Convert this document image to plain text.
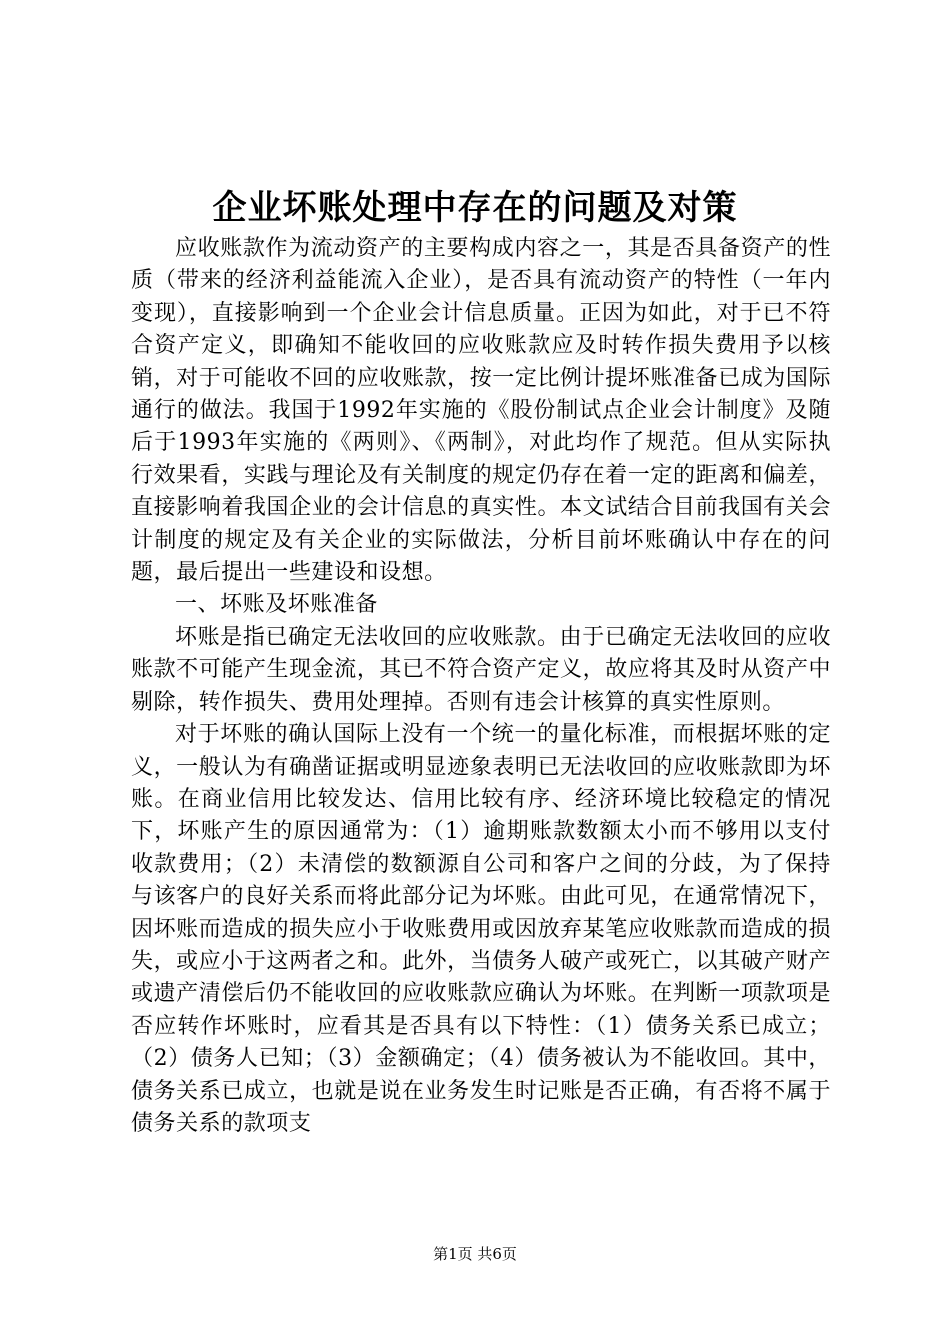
企业坏账处理中存在的问题及对策

应收账款作为流动资产的主要构成内容之一，其是否具备资产的性质（带来的经济利益能流入企业），是否具有流动资产的特性（一年内变现），直接影响到一个企业会计信息质量。正因为如此，对于已不符合资产定义，即确知不能收回的应收账款应及时转作损失费用予以核销，对于可能收不回的应收账款，按一定比例计提坏账准备已成为国际通行的做法。我国于1992年实施的《股份制试点企业会计制度》及随后于1993年实施的《两则》、《两制》，对此均作了规范。但从实际执行效果看，实践与理论及有关制度的规定仍存在着一定的距离和偏差，直接影响着我国企业的会计信息的真实性。本文试结合目前我国有关会计制度的规定及有关企业的实际做法，分析目前坏账确认中存在的问题，最后提出一些建设和设想。

一、坏账及坏账准备

坏账是指已确定无法收回的应收账款。由于已确定无法收回的应收账款不可能产生现金流，其已不符合资产定义，故应将其及时从资产中剔除，转作损失、费用处理掉。否则有违会计核算的真实性原则。

对于坏账的确认国际上没有一个统一的量化标准，而根据坏账的定义，一般认为有确凿证据或明显迹象表明已无法收回的应收账款即为坏账。在商业信用比较发达、信用比较有序、经济环境比较稳定的情况下，坏账产生的原因通常为：（1）逾期账款数额太小而不够用以支付收款费用；（2）未清偿的数额源自公司和客户之间的分歧，为了保持与该客户的良好关系而将此部分记为坏账。由此可见，在通常情况下，因坏账而造成的损失应小于收账费用或因放弃某笔应收账款而造成的损失，或应小于这两者之和。此外，当债务人破产或死亡，以其破产财产或遗产清偿后仍不能收回的应收账款应确认为坏账。在判断一项款项是否应转作坏账时，应看其是否具有以下特性：（1）债务关系已成立；（2）债务人已知；（3）金额确定；（4）债务被认为不能收回。其中，债务关系已成立，也就是说在业务发生时记账是否正确，有否将不属于债务关系的款项支

第1页 共6页
